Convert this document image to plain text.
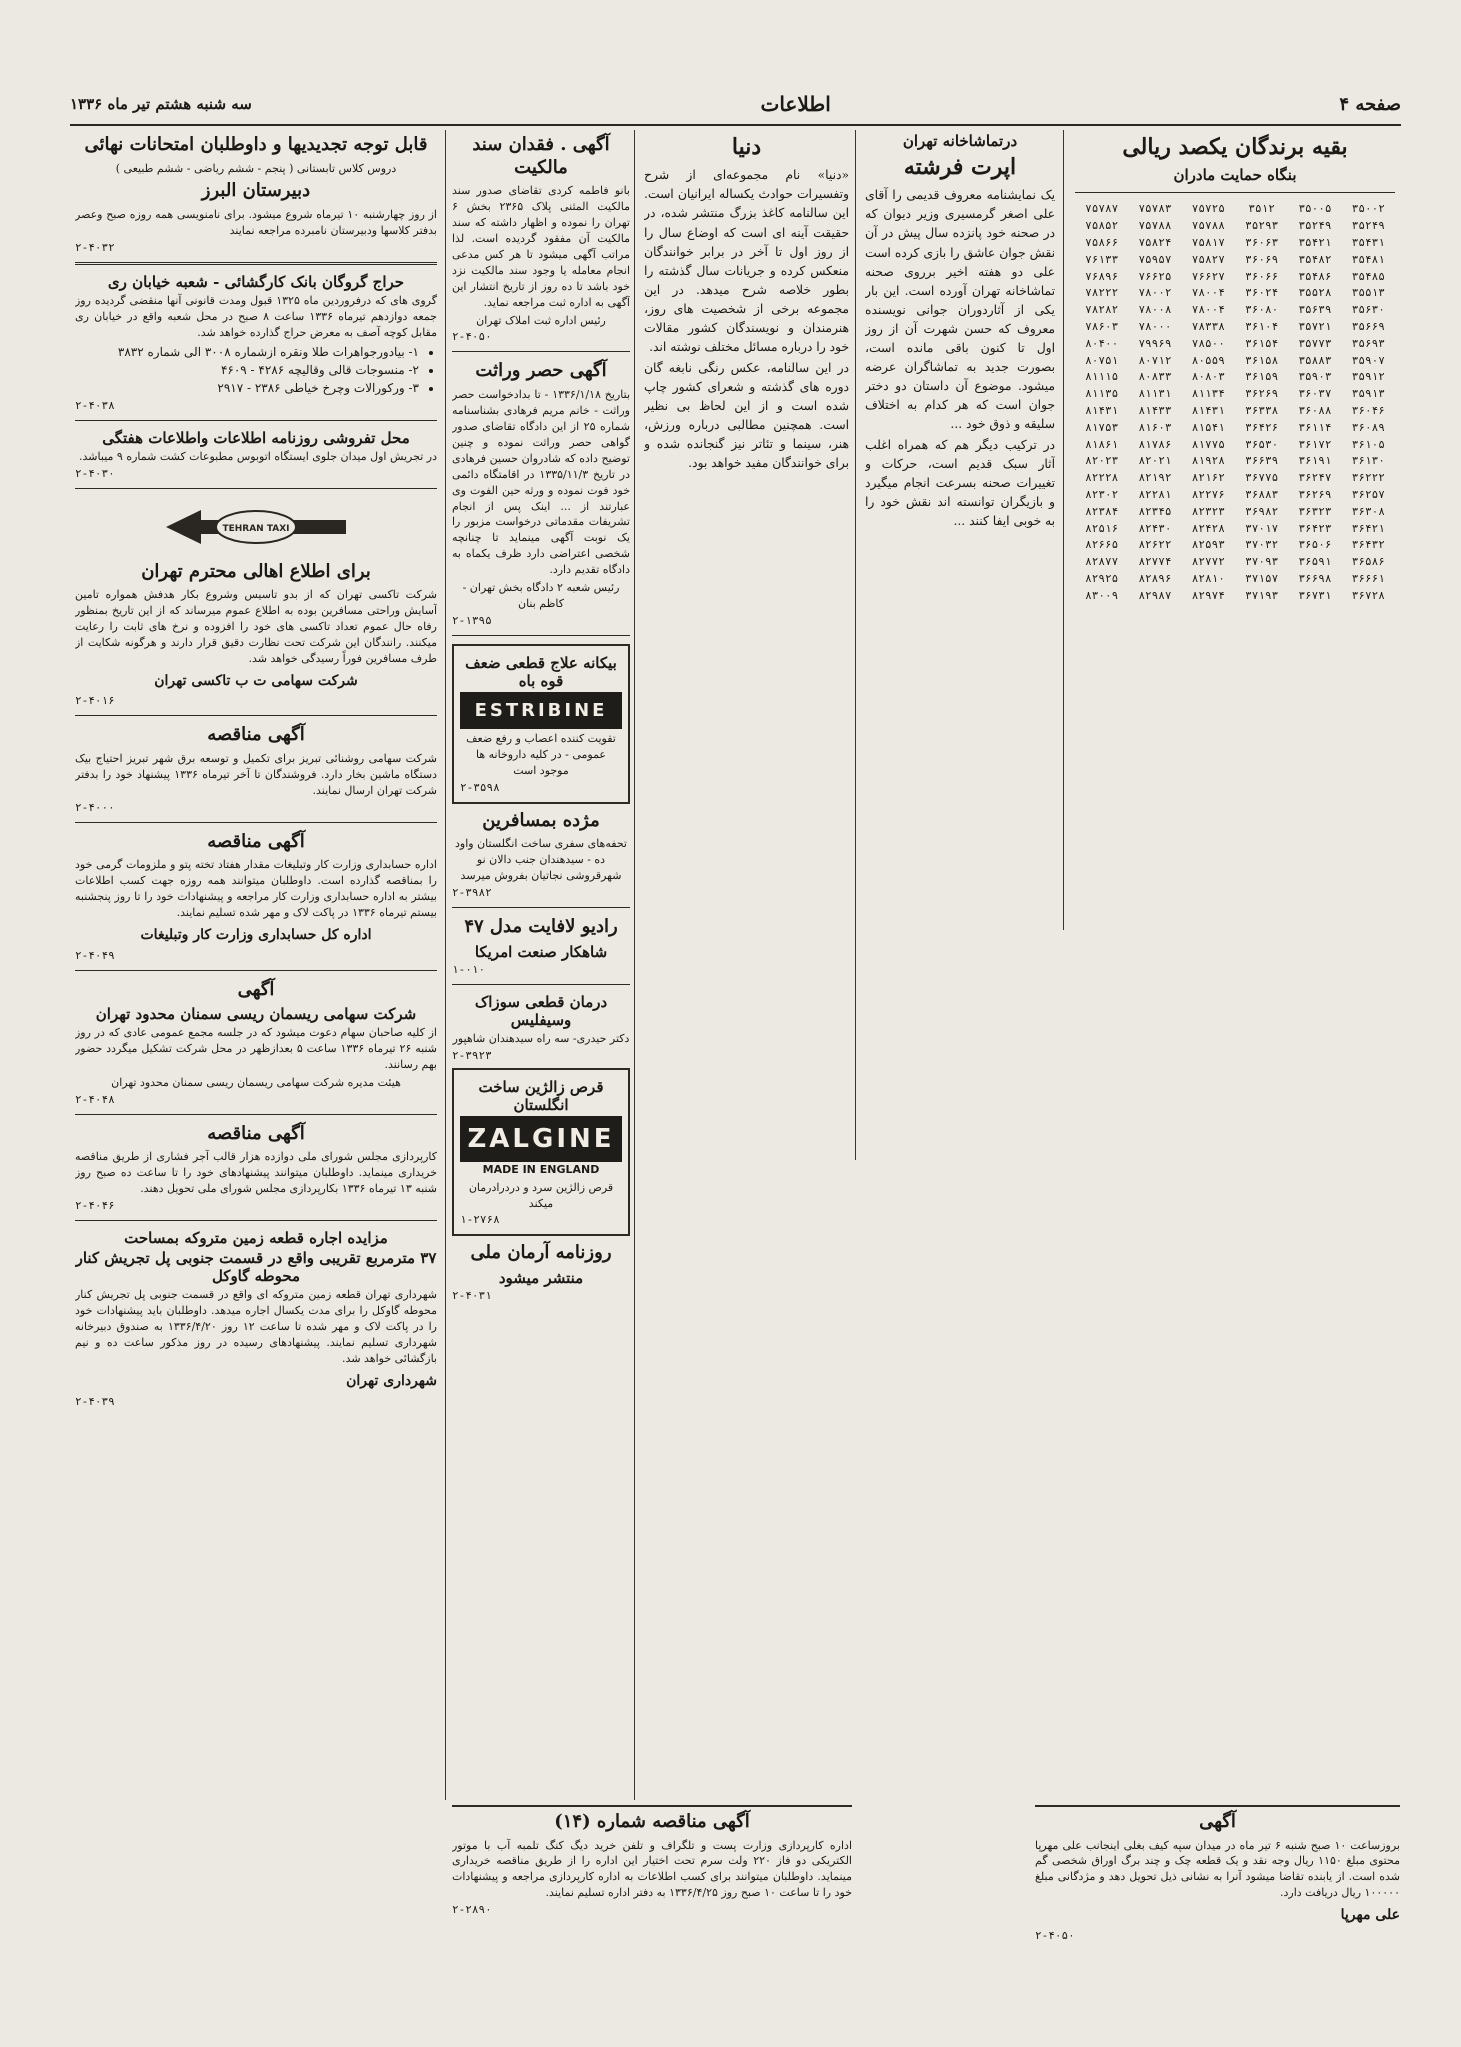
صفحه ۴
اطلاعات
سه شنبه هشتم تیر ماه ۱۳۳۶
بقیه برندگان یکصد ریالی
بنگاه حمایت مادران
۳۵۰۰۲
۳۵۰۰۵
۳۵۱۲
۷۵۷۲۵
۷۵۷۸۳
۷۵۷۸۷
۳۵۲۴۹
۳۵۲۴۹
۳۵۲۹۳
۷۵۷۸۸
۷۵۷۸۸
۷۵۸۵۲
۳۵۴۳۱
۳۵۴۲۱
۳۶۰۶۳
۷۵۸۱۷
۷۵۸۲۴
۷۵۸۶۶
۳۵۴۸۱
۳۵۴۸۲
۳۶۰۶۹
۷۵۸۲۷
۷۵۹۵۷
۷۶۱۳۳
۳۵۴۸۵
۳۵۴۸۶
۳۶۰۶۶
۷۶۶۲۷
۷۶۶۲۵
۷۶۸۹۶
۳۵۵۱۳
۳۵۵۲۸
۳۶۰۲۴
۷۸۰۰۴
۷۸۰۰۲
۷۸۲۲۲
۳۵۶۳۰
۳۵۶۳۹
۳۶۰۸۰
۷۸۰۰۴
۷۸۰۰۸
۷۸۲۸۲
۳۵۶۶۹
۳۵۷۲۱
۳۶۱۰۴
۷۸۳۳۸
۷۸۰۰۰
۷۸۶۰۳
۳۵۶۹۳
۳۵۷۷۳
۳۶۱۵۴
۷۸۵۰۰
۷۹۹۶۹
۸۰۴۰۰
۳۵۹۰۷
۳۵۸۸۳
۳۶۱۵۸
۸۰۵۵۹
۸۰۷۱۲
۸۰۷۵۱
۳۵۹۱۲
۳۵۹۰۳
۳۶۱۵۹
۸۰۸۰۳
۸۰۸۳۳
۸۱۱۱۵
۳۵۹۱۳
۳۶۰۳۷
۳۶۲۶۹
۸۱۱۳۴
۸۱۱۳۱
۸۱۱۳۵
۳۶۰۴۶
۳۶۰۸۸
۳۶۳۳۸
۸۱۴۳۱
۸۱۴۳۳
۸۱۴۳۱
۳۶۰۸۹
۳۶۱۱۴
۳۶۴۲۶
۸۱۵۴۱
۸۱۶۰۳
۸۱۷۵۳
۳۶۱۰۵
۳۶۱۷۲
۳۶۵۳۰
۸۱۷۷۵
۸۱۷۸۶
۸۱۸۶۱
۳۶۱۳۰
۳۶۱۹۱
۳۶۶۳۹
۸۱۹۲۸
۸۲۰۲۱
۸۲۰۲۳
۳۶۲۲۲
۳۶۲۴۷
۳۶۷۷۵
۸۲۱۶۲
۸۲۱۹۲
۸۲۲۲۸
۳۶۲۵۷
۳۶۲۶۹
۳۶۸۸۳
۸۲۲۷۶
۸۲۲۸۱
۸۲۳۰۲
۳۶۳۰۸
۳۶۳۲۳
۳۶۹۸۲
۸۲۳۲۳
۸۲۳۴۵
۸۲۳۸۴
۳۶۴۲۱
۳۶۴۲۳
۳۷۰۱۷
۸۲۴۲۸
۸۲۴۳۰
۸۲۵۱۶
۳۶۴۳۲
۳۶۵۰۶
۳۷۰۳۲
۸۲۵۹۳
۸۲۶۲۲
۸۲۶۶۵
۳۶۵۸۶
۳۶۵۹۱
۳۷۰۹۳
۸۲۷۷۲
۸۲۷۷۴
۸۲۸۷۷
۳۶۶۶۱
۳۶۶۹۸
۳۷۱۵۷
۸۲۸۱۰
۸۲۸۹۶
۸۲۹۲۵
۳۶۷۲۸
۳۶۷۳۱
۳۷۱۹۳
۸۲۹۷۴
۸۲۹۸۷
۸۳۰۰۹
درتماشاخانه تهران
اپرت فرشته

یک نمایشنامه معروف قدیمی را آقای علی اصغر گرمسیری وزیر دیوان که در صحنه خود پانزده سال پیش در آن نقش جوان عاشق را بازی کرده است علی دو هفته اخیر برروی صحنه تماشاخانه تهران آورده است. این بار یکی از آثاردوران جوانی نویسنده معروف که حسن شهرت آن از روز اول تا کنون باقی مانده است، بصورت جدید به تماشاگران عرضه میشود. موضوع آن داستان دو دختر جوان است که هر کدام به اختلاف سلیقه و ذوق خود ...

در ترکیب دیگر هم که همراه اغلب آثار سبک قدیم است، حرکات و تغییرات صحنه بسرعت انجام میگیرد و بازیگران توانسته اند نقش خود را به خوبی ایفا کنند ...

دنیا

«دنیا» نام مجموعه‌ای از شرح وتفسیرات حوادث یکساله ایرانیان است. این سالنامه کاغذ بزرگ منتشر شده، در حقیقت آینه ای است که اوضاع سال را از روز اول تا آخر در برابر خوانندگان منعکس کرده و جریانات سال گذشته را بطور خلاصه شرح میدهد. در این مجموعه برخی از شخصیت های روز، هنرمندان و نویسندگان کشور مقالات خود را درباره مسائل مختلف نوشته اند.

در این سالنامه، عکس رنگی نابغه گان دوره های گذشته و شعرای کشور چاپ شده است و از این لحاظ بی نظیر است. همچنین مطالبی درباره ورزش، هنر، سینما و تئاتر نیز گنجانده شده و برای خوانندگان مفید خواهد بود.

آگهی . فقدان سند مالکیت

بانو فاطمه کردی تقاضای صدور سند مالکیت المثنی پلاک ۲۳۶۵ بخش ۶ تهران را نموده و اظهار داشته که سند مالکیت آن مفقود گردیده است. لذا مراتب آگهی میشود تا هر کس مدعی انجام معامله یا وجود سند مالکیت نزد خود باشد تا ده روز از تاریخ انتشار این آگهی به اداره ثبت مراجعه نماید.

رئیس اداره ثبت املاک تهران

۲-۴۰۵۰
آگهی حصر وراثت

بتاریخ ۱۳۳۶/۱/۱۸ - تا بدادخواست حصر وراثت - خانم مریم فرهادی بشناسنامه شماره ۲۵ از این دادگاه تقاضای صدور گواهی حصر وراثت نموده و چنین توضیح داده که شادروان حسین فرهادی در تاریخ ۱۳۳۵/۱۱/۳ در اقامتگاه دائمی خود فوت نموده و ورثه حین الفوت وی عبارتند از ... اینک پس از انجام تشریفات مقدماتی درخواست مزبور را یک نوبت آگهی مینماید تا چنانچه شخصی اعتراضی دارد ظرف یکماه به دادگاه تقدیم دارد.

رئیس شعبه ۲ دادگاه بخش تهران - کاظم بنان

۲-۱۳۹۵
بیکانه علاج قطعی ضعف قوه باه
ESTRIBINE

تقویت کننده اعصاب و رفع ضعف عمومی - در کلیه داروخانه ها موجود است

۲-۳۵۹۸
مژده بمسافرین

تحفه‌های سفری ساخت انگلستان واود ده - سیدهندان جنب دالان نو شهرقروشی نجاتیان بفروش میرسد

۲-۳۹۸۲
رادیو لافایت مدل ۴۷
شاهکار صنعت امریکا
۱-۰۱۰
درمان قطعی سوزاک وسیفلیس

دکتر حیدری- سه راه سیدهندان شاهپور

۲-۳۹۲۳
قرص زالژین ساخت انگلستان
ZALGINE
MADE IN ENGLAND

قرص زالژین سرد و دردرادرمان میکند

۱-۲۷۶۸
روزنامه آرمان ملی
منتشر میشود
۲-۴۰۳۱
قابل توجه تجدیدیها و داوطلبان امتحانات نهائی

دروس کلاس تابستانی ( پنجم - ششم ریاضی - ششم طبیعی )

دبیرستان البرز

از روز چهارشنبه ۱۰ تیرماه شروع میشود. برای نامنویسی همه روزه صبح وعصر بدفتر کلاسها ودبیرستان نامبرده مراجعه نمایند

۲-۴۰۳۲
حراج گروگان بانک کارگشائی - شعبه خیابان ری

گروی های که درفروردین ماه ۱۳۲۵ قبول ومدت قانونی آنها منقضی گردیده روز جمعه دوازدهم تیرماه ۱۳۳۶ ساعت ۸ صبح در محل شعبه واقع در خیابان ری مقابل کوچه آصف به معرض حراج گذارده خواهد شد.

• ۱- بیادورجواهرات طلا ونقره ازشماره ۳۰۰۸ الی شماره ۳۸۳۲
• ۲- منسوجات قالی وقالیچه ۴۲۸۶ - ۴۶۰۹
• ۳- ورکورالات وچرخ خیاطی ۲۳۸۶ - ۲۹۱۷
۲-۴۰۳۸
محل تفروشی روزنامه اطلاعات واطلاعات هفتگی

در تجریش اول میدان جلوی ایستگاه اتوبوس مطبوعات کشت شماره ۹ میباشد.

۲-۴۰۳۰
TEHRAN TAXI
برای اطلاع اهالی محترم تهران

شرکت تاکسی تهران که از بدو تاسیس وشروع بکار هدفش همواره تامین آسایش وراحتی مسافرین بوده به اطلاع عموم میرساند که از این تاریخ بمنظور رفاه حال عموم تعداد تاکسی های خود را افزوده و نرخ های ثابت را رعایت میکنند. رانندگان این شرکت تحت نظارت دقیق قرار دارند و هرگونه شکایت از طرف مسافرین فوراً رسیدگی خواهد شد.

شرکت سهامی ت ب تاکسی تهران

۲-۴۰۱۶
آگهی مناقصه

شرکت سهامی روشنائی تبریز برای تکمیل و توسعه برق شهر تبریز احتیاج بیک دستگاه ماشین بخار دارد. فروشندگان تا آخر تیرماه ۱۳۳۶ پیشنهاد خود را بدفتر شرکت تهران ارسال نمایند.

۲-۴۰۰۰
آگهی مناقصه

اداره حسابداری وزارت کار وتبلیغات مقدار هفتاد تخته پتو و ملزومات گرمی خود را بمناقصه گذارده است. داوطلبان میتوانند همه روزه جهت کسب اطلاعات بیشتر به اداره حسابداری وزارت کار مراجعه و پیشنهادات خود را تا روز پنجشنبه بیستم تیرماه ۱۳۳۶ در پاکت لاک و مهر شده تسلیم نمایند.

اداره کل حسابداری وزارت کار وتبلیغات

۲-۴۰۴۹
آگهی
شرکت سهامی ریسمان ریسی سمنان محدود تهران

از کلیه صاحبان سهام دعوت میشود که در جلسه مجمع عمومی عادی که در روز شنبه ۲۶ تیرماه ۱۳۳۶ ساعت ۵ بعدازظهر در محل شرکت تشکیل میگردد حضور بهم رسانند.

هیئت مدیره شرکت سهامی ریسمان ریسی سمنان محدود تهران

۲-۴۰۴۸
آگهی مناقصه

کارپردازی مجلس شورای ملی دوازده هزار قالب آجر فشاری از طریق مناقصه خریداری مینماید. داوطلبان میتوانند پیشنهادهای خود را تا ساعت ده صبح روز شنبه ۱۳ تیرماه ۱۳۳۶ بکارپردازی مجلس شورای ملی تحویل دهند.

۲-۴۰۴۶
مزایده اجاره قطعه زمین متروکه بمساحت
۳۷ مترمربع تقریبی واقع در قسمت جنوبی پل تجریش کنار محوطه گاوکل

شهرداری تهران قطعه زمین متروکه ای واقع در قسمت جنوبی پل تجریش کنار محوطه گاوکل را برای مدت یکسال اجاره میدهد. داوطلبان باید پیشنهادات خود را در پاکت لاک و مهر شده تا ساعت ۱۲ روز ۱۳۳۶/۴/۲۰ به صندوق دبیرخانه شهرداری تسلیم نمایند. پیشنهادهای رسیده در روز مذکور ساعت ده و نیم بازگشائی خواهد شد.

شهرداری تهران

۲-۴۰۳۹
آگهی مناقصه شماره (۱۴)

اداره کارپردازی وزارت پست و تلگراف و تلفن خرید دیگ کنگ تلمبه آب با موتور الکتریکی دو فاز ۲۲۰ ولت سرم تحت اختیار این اداره را از طریق مناقصه خریداری مینماید. داوطلبان میتوانند برای کسب اطلاعات به اداره کارپردازی مراجعه و پیشنهادات خود را تا ساعت ۱۰ صبح روز ۱۳۳۶/۴/۲۵ به دفتر اداره تسلیم نمایند.

۲-۲۸۹۰
آگهی

بروزساعت ۱۰ صبح شنبه ۶ تیر ماه در میدان سپه کیف بغلی اینجانب علی مهرپا محتوی مبلغ ۱۱۵۰ ریال وجه نقد و یک قطعه چک و چند برگ اوراق شخصی گم شده است. از یابنده تقاضا میشود آنرا به نشانی ذیل تحویل دهد و مژدگانی مبلغ ۱۰۰۰۰۰ ریال دریافت دارد.

علی مهرپا

۲-۴۰۵۰
